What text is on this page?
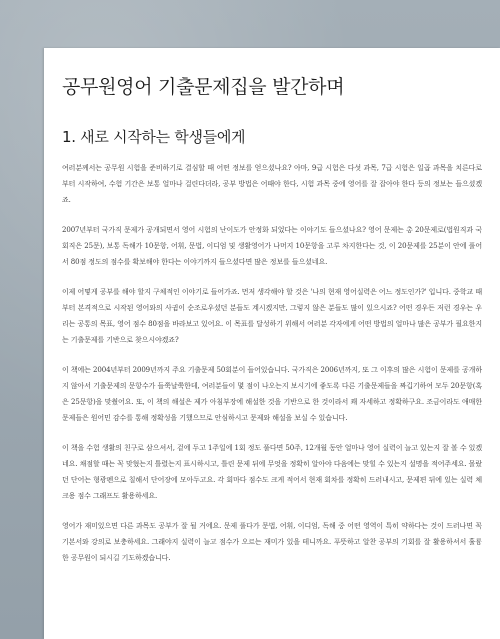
공무원영어 기출문제집을 발간하며
1. 새로 시작하는 학생들에게

여러분께서는 공무원 시험을 준비하기로 결심할 때 어떤 정보를 얻으셨나요? 아마, 9급 시험은 다섯 과목, 7급 시험은 일곱 과목을 치른다로부터 시작하여, 수험 기간은 보통 얼마나 걸린다더라, 공부 방법은 어때야 한다, 시험 과목 중에 영어를 잘 잡아야 한다 등의 정보는 들으셨겠죠.

2007년부터 국가직 문제가 공개되면서 영어 시험의 난이도가 안정화 되었다는 이야기도 들으셨나요? 영어 문제는 총 20문제로(법원직과 국회직은 25문), 보통 독해가 10문항, 어휘, 문법, 이디엄 및 생활영어가 나머지 10문항을 고루 차지한다는 것, 이 20문제를 25분이 안에 풀어서 80점 정도의 점수를 확보해야 한다는 이야기까지 들으셨다면 많은 정보를 들으셨네요.

이제 어떻게 공부를 해야 할지 구체적인 이야기로 들어가죠. 먼저 생각해야 할 것은 '나의 현재 영어실력은 어느 정도인가?' 입니다. 중학교 때부터 본격적으로 시작된 영어와의 사귐이 순조로우셨던 분들도 계시겠지만, 그렇지 않은 분들도 많이 있으시죠? 어떤 경우든 저런 경우는 우리는 공통의 목표, 영어 점수 80점을 바라보고 있어요. 이 목표를 달성하기 위해서 여러분 각자에게 어떤 방법의 얼마나 많은 공부가 필요한지는 기출문제를 기반으로 찾으시야겠죠?

이 책에는 2004년부터 2009년까지 주요 기출문제 50회분이 들어있습니다. 국가직은 2006년까지, 또 그 이후의 많은 시험이 문제를 공개하지 않아서 기출문제의 문항수가 들쭉날쭉한데, 여러분들이 몇 점이 나오는지 보시기에 좋도록 다른 기출문제들을 짜깁기하여 모두 20문항(혹은 25문항)을 맞췄어요. 또, 이 책의 해설은 제가 아침부장에 해설한 것을 기반으로 한 것이라서 꽤 자세하고 정확하구요. 조금이라도 애매한 문제들은 원어민 감수를 통해 정확성을 기했으므로 안심하시고 문제와 해설을 보실 수 있습니다.

이 책을 수험 생활의 친구로 삼으셔서, 겉에 두고 1주일에 1회 정도 풀다면 50주, 12개월 동안 얼마나 영어 실력이 늘고 있는지 잘 볼 수 있겠네요. 채점할 때는 꼭 맞혔는지 틀렸는지 표시하시고, 틀린 문제 뒤에 무엇을 정확히 알아야 다음에는 맞힐 수 있는지 설명을 적어주세요. 몰랐던 단어는 형광펜으로 칠해서 단어장에 모아두고요. 각 회마다 점수도 크게 적어서 현재 회차를 정확히 드러내시고, 문제편 뒤에 있는 실력 체크용 점수 그래프도 활용하세요.

영어가 재미있으면 다른 과목도 공부가 잘 될 거에요. 문제 풀다가 문법, 어휘, 이디엄, 독해 중 어떤 영역이 특히 약하다는 것이 드러나면 꼭 기본서와 강의로 보충하세요. 그래야지 실력이 늘고 점수가 오르는 재미가 있을 테니까요. 푸뜻하고 알찬 공부의 기회를 잘 활용하셔서 훌륭한 공무원이 되시길 기도하겠습니다.
